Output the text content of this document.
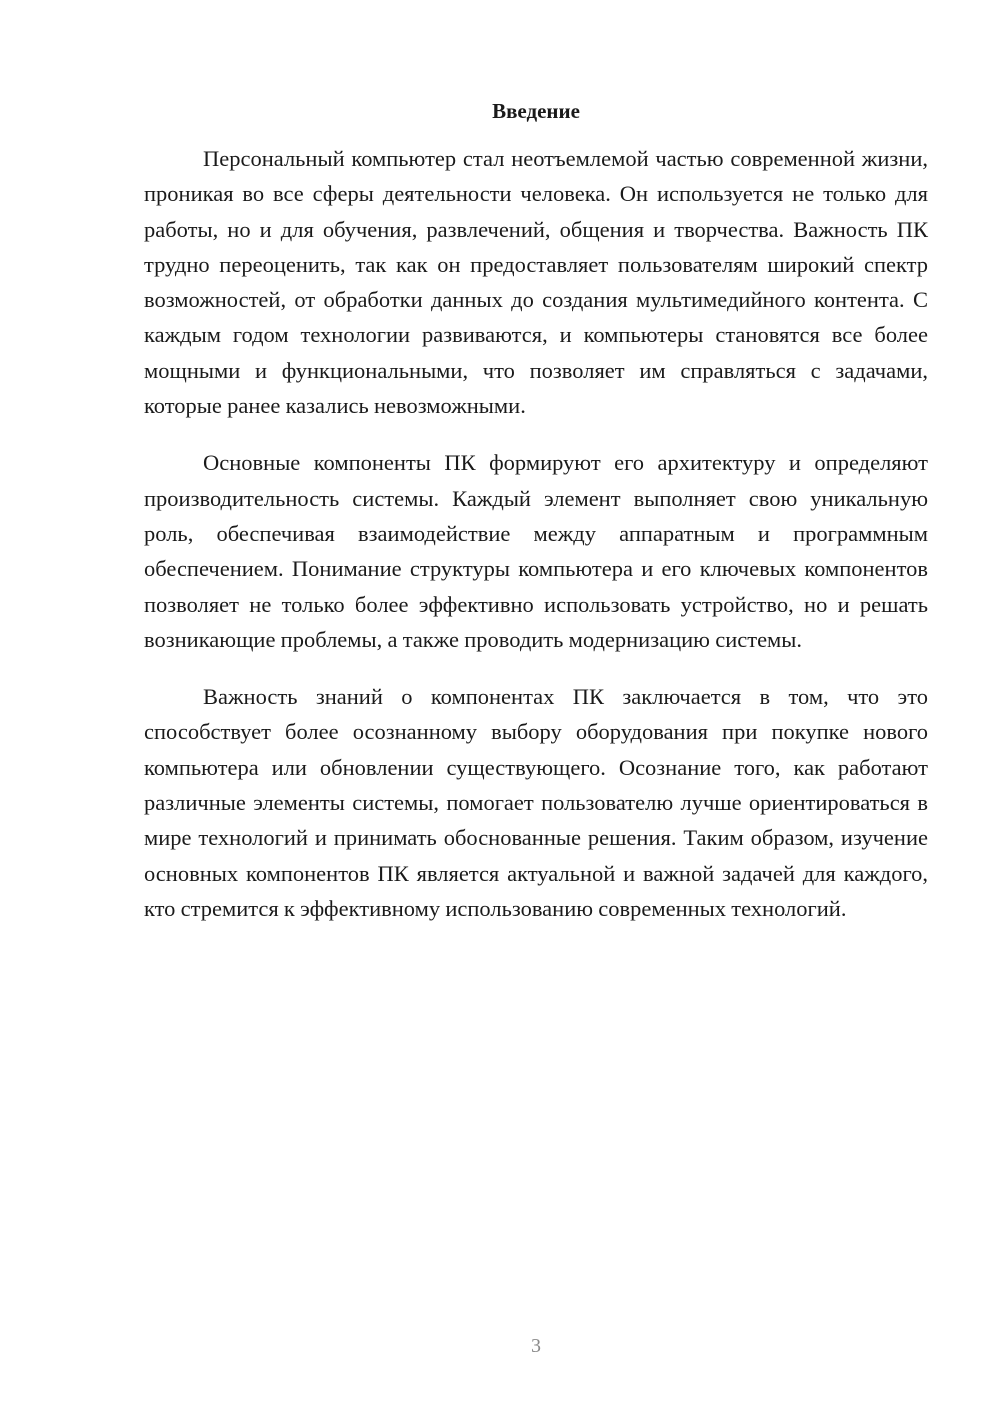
Введение

Персональный компьютер стал неотъемлемой частью современной жизни, проникая во все сферы деятельности человека. Он используется не только для работы, но и для обучения, развлечений, общения и творчества. Важность ПК трудно переоценить, так как он предоставляет пользователям широкий спектр возможностей, от обработки данных до создания мультимедийного контента. С каждым годом технологии развиваются, и компьютеры становятся все более мощными и функциональными, что позволяет им справляться с задачами, которые ранее казались невозможными.

Основные компоненты ПК формируют его архитектуру и определяют производительность системы. Каждый элемент выполняет свою уникальную роль, обеспечивая взаимодействие между аппаратным и программным обеспечением. Понимание структуры компьютера и его ключевых компонентов позволяет не только более эффективно использовать устройство, но и решать возникающие проблемы, а также проводить модернизацию системы.

Важность знаний о компонентах ПК заключается в том, что это способствует более осознанному выбору оборудования при покупке нового компьютера или обновлении существующего. Осознание того, как работают различные элементы системы, помогает пользователю лучше ориентироваться в мире технологий и принимать обоснованные решения. Таким образом, изучение основных компонентов ПК является актуальной и важной задачей для каждого, кто стремится к эффективному использованию современных технологий.

3
